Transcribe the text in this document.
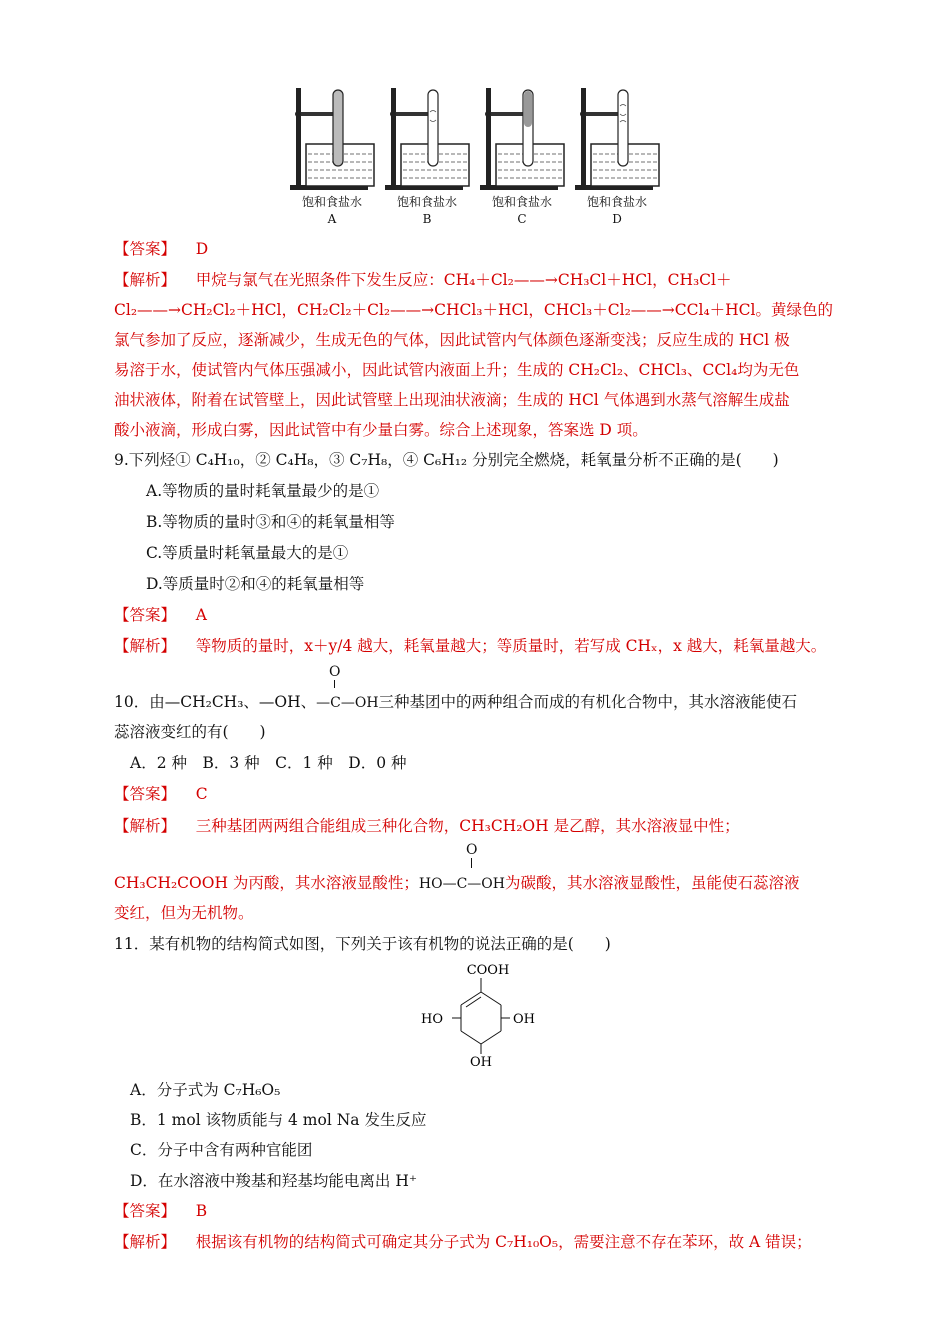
饱和食盐水	饱和食盐水	饱和食盐水	饱和食盐水
A	B	C	D
【答案】 D
【解析】 甲烷与氯气在光照条件下发生反应：CH₄＋Cl₂——→CH₃Cl＋HCl，CH₃Cl＋
Cl₂——→CH₂Cl₂＋HCl，CH₂Cl₂＋Cl₂——→CHCl₃＋HCl，CHCl₃＋Cl₂——→CCl₄＋HCl。黄绿色的
氯气参加了反应，逐渐减少，生成无色的气体，因此试管内气体颜色逐渐变浅；反应生成的 HCl 极
易溶于水，使试管内气体压强减小，因此试管内液面上升；生成的 CH₂Cl₂、CHCl₃、CCl₄均为无色
油状液体，附着在试管壁上，因此试管壁上出现油状液滴；生成的 HCl 气体遇到水蒸气溶解生成盐
酸小液滴，形成白雾，因此试管中有少量白雾。综合上述现象，答案选 D 项。
9.下列烃① C₄H₁₀，② C₄H₈，③ C₇H₈，④ C₆H₁₂ 分别完全燃烧，耗氧量分析不正确的是(　　)
A.等物质的量时耗氧量最少的是①
B.等物质的量时③和④的耗氧量相等
C.等质量时耗氧量最大的是①
D.等质量时②和④的耗氧量相等
【答案】 A
【解析】 等物质的量时，x＋y/4 越大，耗氧量越大；等质量时，若写成 CHₓ，x 越大，耗氧量越大。
O
10．由—CH₂CH₃、—OH、—C—OH三种基团中的两种组合而成的有机化合物中，其水溶液能使石
蕊溶液变红的有(　　)
A．2 种　B．3 种　C．1 种　D．0 种
【答案】 C
【解析】 三种基团两两组合能组成三种化合物，CH₃CH₂OH 是乙醇，其水溶液显中性；
O
CH₃CH₂COOH 为丙酸，其水溶液显酸性；HO—C—OH为碳酸，其水溶液显酸性，虽能使石蕊溶液
变红，但为无机物。
11．某有机物的结构简式如图，下列关于该有机物的说法正确的是(　　)
COOH
HO	OH
OH
A．分子式为 C₇H₆O₅
B．1 mol 该物质能与 4 mol Na 发生反应
C．分子中含有两种官能团
D．在水溶液中羧基和羟基均能电离出 H⁺
【答案】 B
【解析】 根据该有机物的结构简式可确定其分子式为 C₇H₁₀O₅，需要注意不存在苯环，故 A 错误；
